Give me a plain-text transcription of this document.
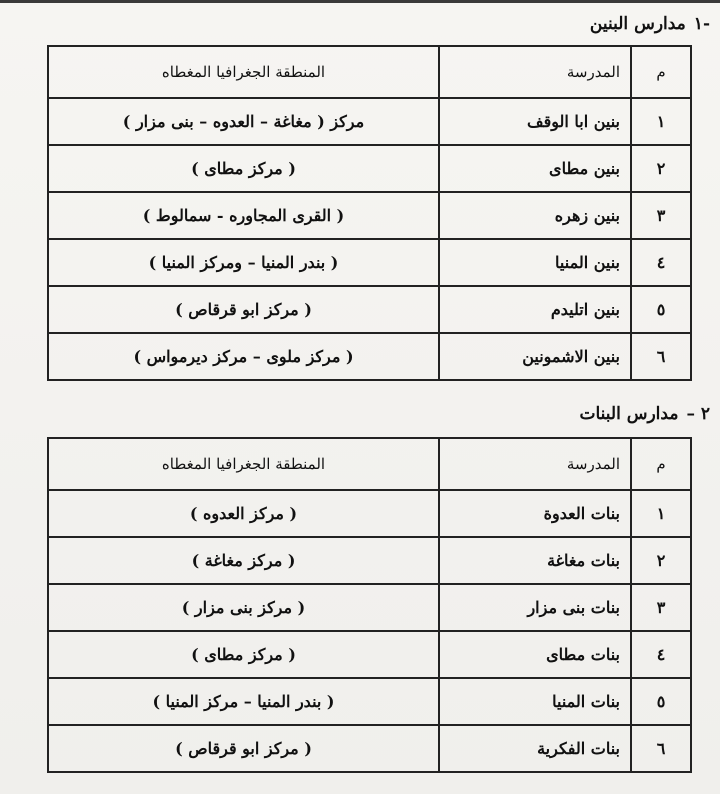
-١مدارس البنين
م	المدرسة	المنطقة الجغرافيا المغطاه
١	بنين ابا الوقف	مركز ( مغاغة – العدوه – بنى مزار )
٢	بنين مطاى	( مركز مطاى )
٣	بنين زهره	( القرى المجاوره - سمالوط )
٤	بنين المنيا	( بندر المنيا – ومركز المنيا )
٥	بنين اتليدم	( مركز ابو قرقاص )
٦	بنين الاشمونين	( مركز ملوى – مركز ديرمواس )
٢ –مدارس البنات
م	المدرسة	المنطقة الجغرافيا المغطاه
١	بنات العدوة	( مركز العدوه )
٢	بنات مغاغة	( مركز مغاغة )
٣	بنات بنى مزار	( مركز بنى مزار )
٤	بنات مطاى	( مركز مطاى )
٥	بنات المنيا	( بندر المنيا – مركز المنيا )
٦	بنات الفكرية	( مركز ابو قرقاص )
